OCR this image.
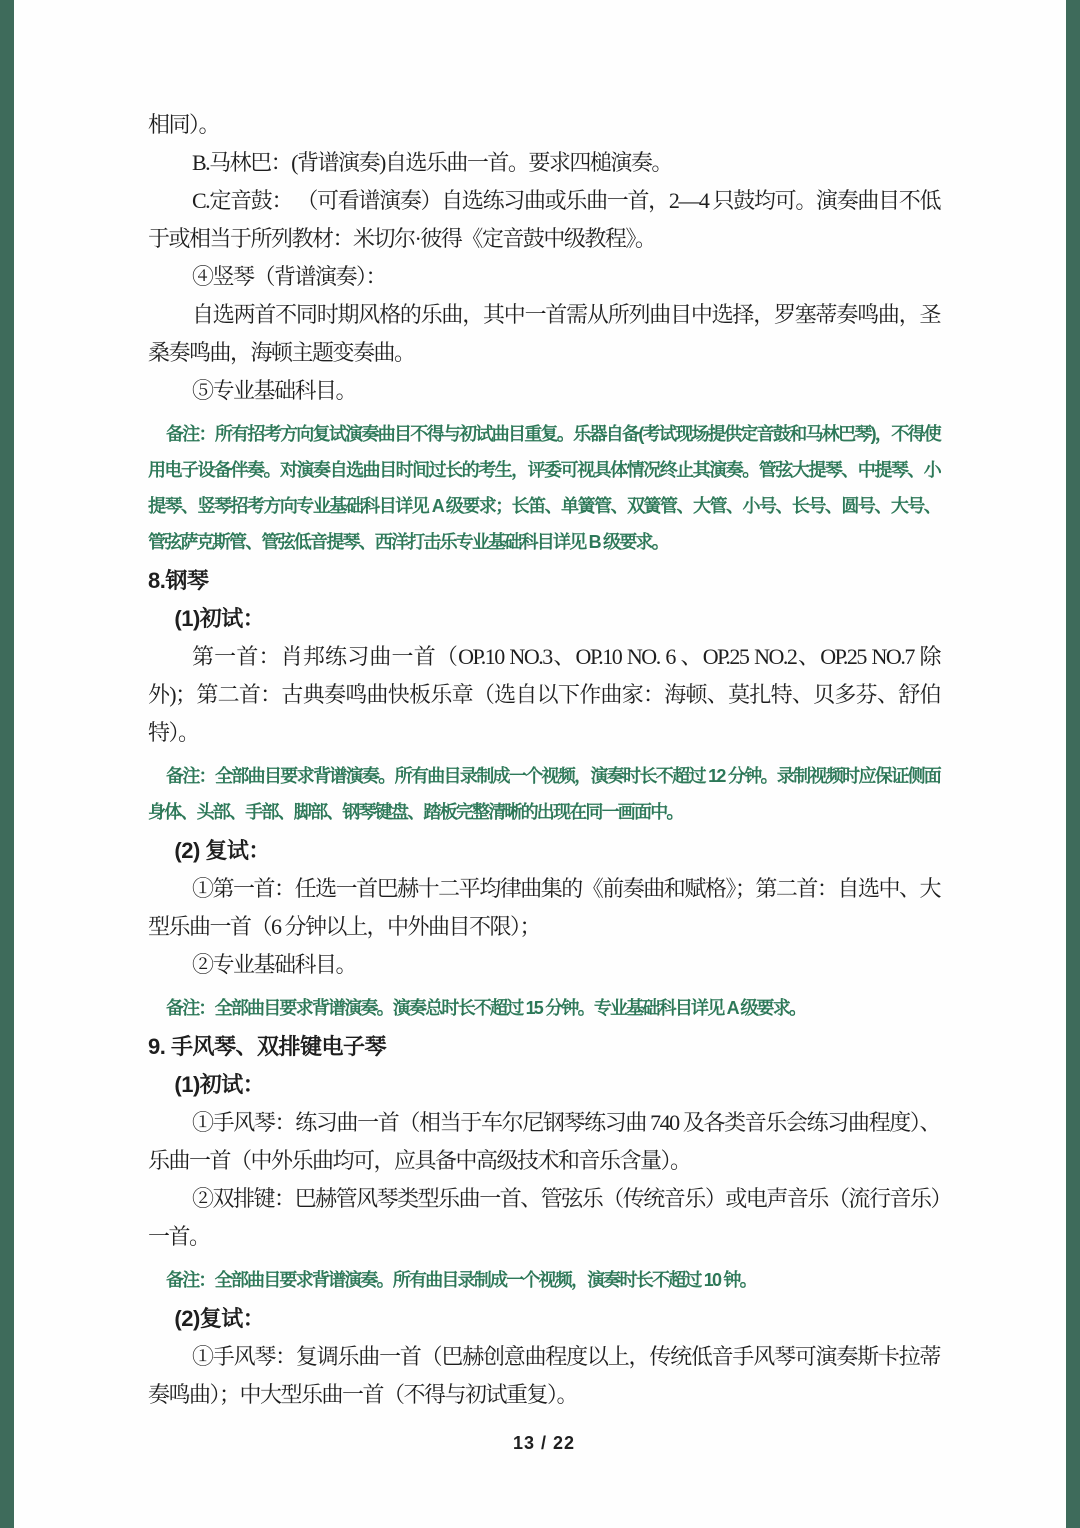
相同）。

B.马林巴：(背谱演奏)自选乐曲一首。要求四槌演奏。

C.定音鼓： （可看谱演奏）自选练习曲或乐曲一首，2—4 只鼓均可。演奏曲目不低于或相当于所列教材：米切尔·彼得《定音鼓中级教程》。

④竖琴（背谱演奏）：

自选两首不同时期风格的乐曲，其中一首需从所列曲目中选择，罗塞蒂奏鸣曲，圣桑奏鸣曲，海顿主题变奏曲。

⑤专业基础科目。

备注：所有招考方向复试演奏曲目不得与初试曲目重复。乐器自备(考试现场提供定音鼓和马林巴琴)，不得使用电子设备伴奏。对演奏自选曲目时间过长的考生，评委可视具体情况终止其演奏。管弦大提琴、中提琴、小提琴、竖琴招考方向专业基础科目详见 A 级要求；长笛、单簧管、双簧管、大管、小号、长号、圆号、大号、管弦萨克斯管、管弦低音提琴、西洋打击乐专业基础科目详见 B 级要求。

8.钢琴

(1)初试：

第一首：肖邦练习曲一首（OP.10 NO.3、OP.10 NO. 6 、OP.25 NO.2、OP.25 NO.7 除外)；第二首：古典奏鸣曲快板乐章（选自以下作曲家：海顿、莫扎特、贝多芬、舒伯特）。

备注：全部曲目要求背谱演奏。所有曲目录制成一个视频，演奏时长不超过 12 分钟。录制视频时应保证侧面身体、头部、手部、脚部、钢琴键盘、踏板完整清晰的出现在同一画面中。

(2) 复试：

①第一首：任选一首巴赫十二平均律曲集的《前奏曲和赋格》；第二首：自选中、大型乐曲一首（6 分钟以上，中外曲目不限）；

②专业基础科目。

备注：全部曲目要求背谱演奏。演奏总时长不超过 15 分钟。专业基础科目详见 A 级要求。

9. 手风琴、双排键电子琴

(1)初试：

①手风琴：练习曲一首（相当于车尔尼钢琴练习曲 740 及各类音乐会练习曲程度）、乐曲一首（中外乐曲均可，应具备中高级技术和音乐含量）。

②双排键：巴赫管风琴类型乐曲一首、管弦乐（传统音乐）或电声音乐（流行音乐）一首。

备注：全部曲目要求背谱演奏。所有曲目录制成一个视频，演奏时长不超过 10 钟。

(2)复试：

①手风琴：复调乐曲一首（巴赫创意曲程度以上，传统低音手风琴可演奏斯卡拉蒂奏鸣曲）；中大型乐曲一首（不得与初试重复）。

13 / 22
